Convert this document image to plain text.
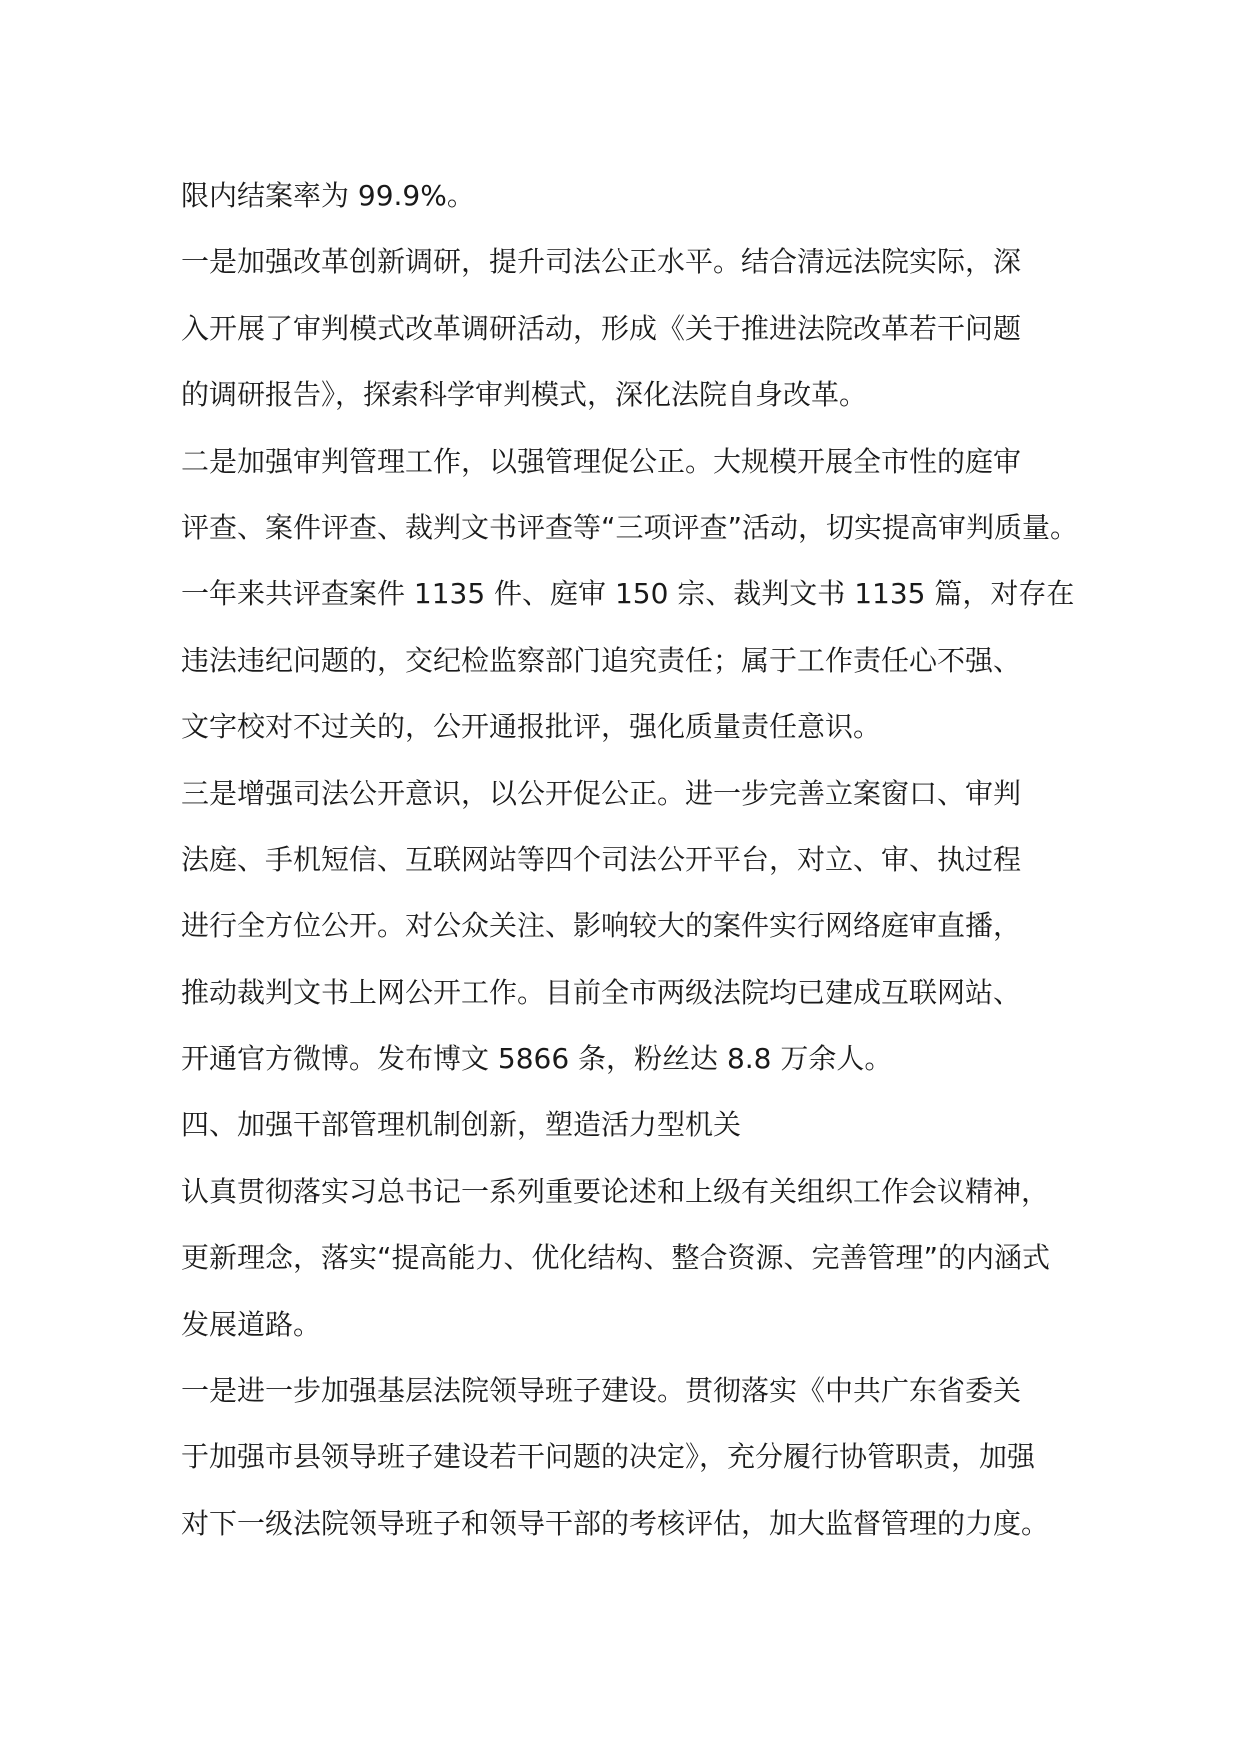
限内结案率为 99.9%。
一是加强改革创新调研，提升司法公正水平。结合清远法院实际，深
入开展了审判模式改革调研活动，形成《关于推进法院改革若干问题
的调研报告》，探索科学审判模式，深化法院自身改革。
二是加强审判管理工作，以强管理促公正。大规模开展全市性的庭审
评查、案件评查、裁判文书评查等“三项评查”活动，切实提高审判质量。
一年来共评查案件 1135 件、庭审 150 宗、裁判文书 1135 篇，对存在
违法违纪问题的，交纪检监察部门追究责任；属于工作责任心不强、
文字校对不过关的，公开通报批评，强化质量责任意识。
三是增强司法公开意识，以公开促公正。进一步完善立案窗口、审判
法庭、手机短信、互联网站等四个司法公开平台，对立、审、执过程
进行全方位公开。对公众关注、影响较大的案件实行网络庭审直播，
推动裁判文书上网公开工作。目前全市两级法院均已建成互联网站、
开通官方微博。发布博文 5866 条，粉丝达 8.8 万余人。
四、加强干部管理机制创新，塑造活力型机关
认真贯彻落实习总书记一系列重要论述和上级有关组织工作会议精神，
更新理念，落实“提高能力、优化结构、整合资源、完善管理”的内涵式
发展道路。
一是进一步加强基层法院领导班子建设。贯彻落实《中共广东省委关
于加强市县领导班子建设若干问题的决定》，充分履行协管职责，加强
对下一级法院领导班子和领导干部的考核评估，加大监督管理的力度。
